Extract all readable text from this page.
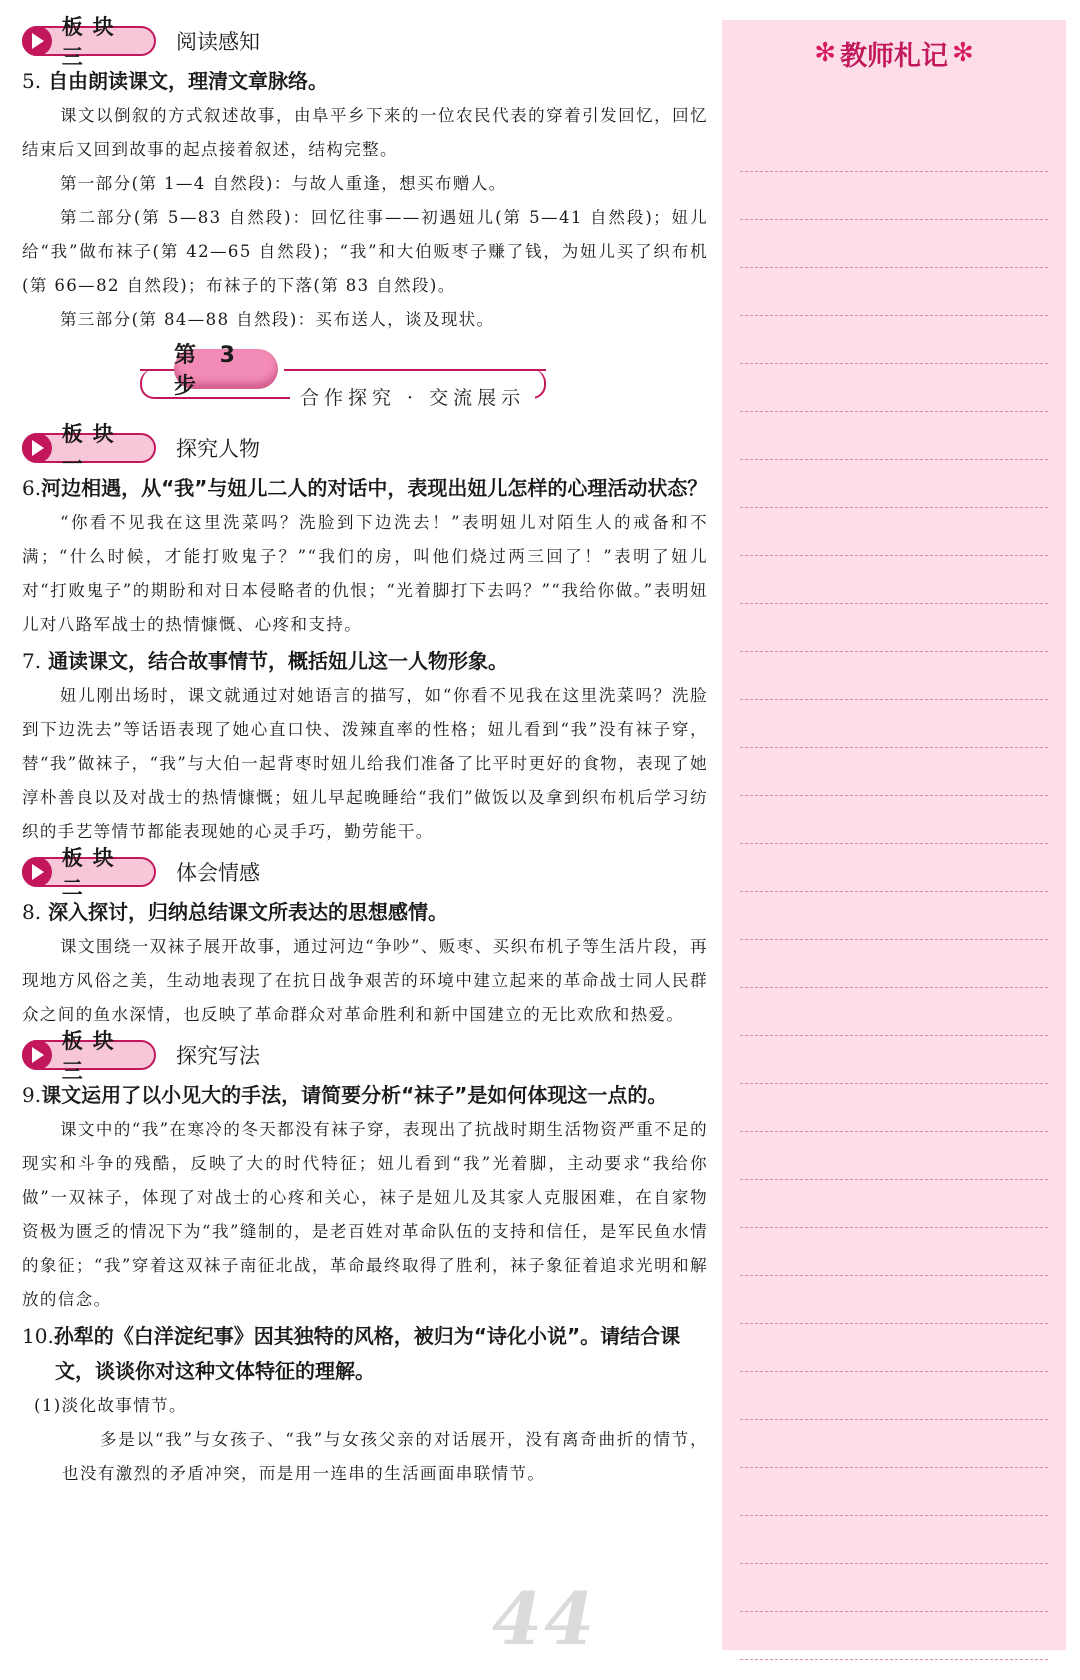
板块三
阅读感知
5. 自由朗读课文，理清文章脉络。
课文以倒叙的方式叙述故事，由阜平乡下来的一位农民代表的穿着引发回忆，回忆结束后又回到故事的起点接着叙述，结构完整。
第一部分(第 1—4 自然段)：与故人重逢，想买布赠人。
第二部分(第 5—83 自然段)：回忆往事——初遇妞儿(第 5—41 自然段)；妞儿给“我”做布袜子(第 42—65 自然段)；“我”和大伯贩枣子赚了钱，为妞儿买了织布机(第 66—82 自然段)；布袜子的下落(第 83 自然段)。
第三部分(第 84—88 自然段)：买布送人，谈及现状。
第 3 步	合作探究 · 交流展示
板块一
探究人物
6.河边相遇，从“我”与妞儿二人的对话中，表现出妞儿怎样的心理活动状态？
“你看不见我在这里洗菜吗？洗脸到下边洗去！”表明妞儿对陌生人的戒备和不满；“什么时候，才能打败鬼子？”“我们的房，叫他们烧过两三回了！”表明了妞儿对“打败鬼子”的期盼和对日本侵略者的仇恨；“光着脚打下去吗？”“我给你做。”表明妞儿对八路军战士的热情慷慨、心疼和支持。
7. 通读课文，结合故事情节，概括妞儿这一人物形象。
妞儿刚出场时，课文就通过对她语言的描写，如“你看不见我在这里洗菜吗？洗脸到下边洗去”等话语表现了她心直口快、泼辣直率的性格；妞儿看到“我”没有袜子穿，替“我”做袜子，“我”与大伯一起背枣时妞儿给我们准备了比平时更好的食物，表现了她淳朴善良以及对战士的热情慷慨；妞儿早起晚睡给“我们”做饭以及拿到织布机后学习纺织的手艺等情节都能表现她的心灵手巧，勤劳能干。
板块二
体会情感
8. 深入探讨，归纳总结课文所表达的思想感情。
课文围绕一双袜子展开故事，通过河边“争吵”、贩枣、买织布机子等生活片段，再现地方风俗之美，生动地表现了在抗日战争艰苦的环境中建立起来的革命战士同人民群众之间的鱼水深情，也反映了革命群众对革命胜利和新中国建立的无比欢欣和热爱。
板块三
探究写法
9.课文运用了以小见大的手法，请简要分析“袜子”是如何体现这一点的。
课文中的“我”在寒冷的冬天都没有袜子穿，表现出了抗战时期生活物资严重不足的现实和斗争的残酷，反映了大的时代特征；妞儿看到“我”光着脚，主动要求“我给你做”一双袜子，体现了对战士的心疼和关心，袜子是妞儿及其家人克服困难，在自家物资极为匮乏的情况下为“我”缝制的，是老百姓对革命队伍的支持和信任，是军民鱼水情的象征；“我”穿着这双袜子南征北战，革命最终取得了胜利，袜子象征着追求光明和解放的信念。
10.孙犁的《白洋淀纪事》因其独特的风格，被归为“诗化小说”。请结合课文，谈谈你对这种文体特征的理解。
(1)淡化故事情节。
多是以“我”与女孩子、“我”与女孩父亲的对话展开，没有离奇曲折的情节，也没有激烈的矛盾冲突，而是用一连串的生活画面串联情节。
✻ 教师札记 ✻
44
